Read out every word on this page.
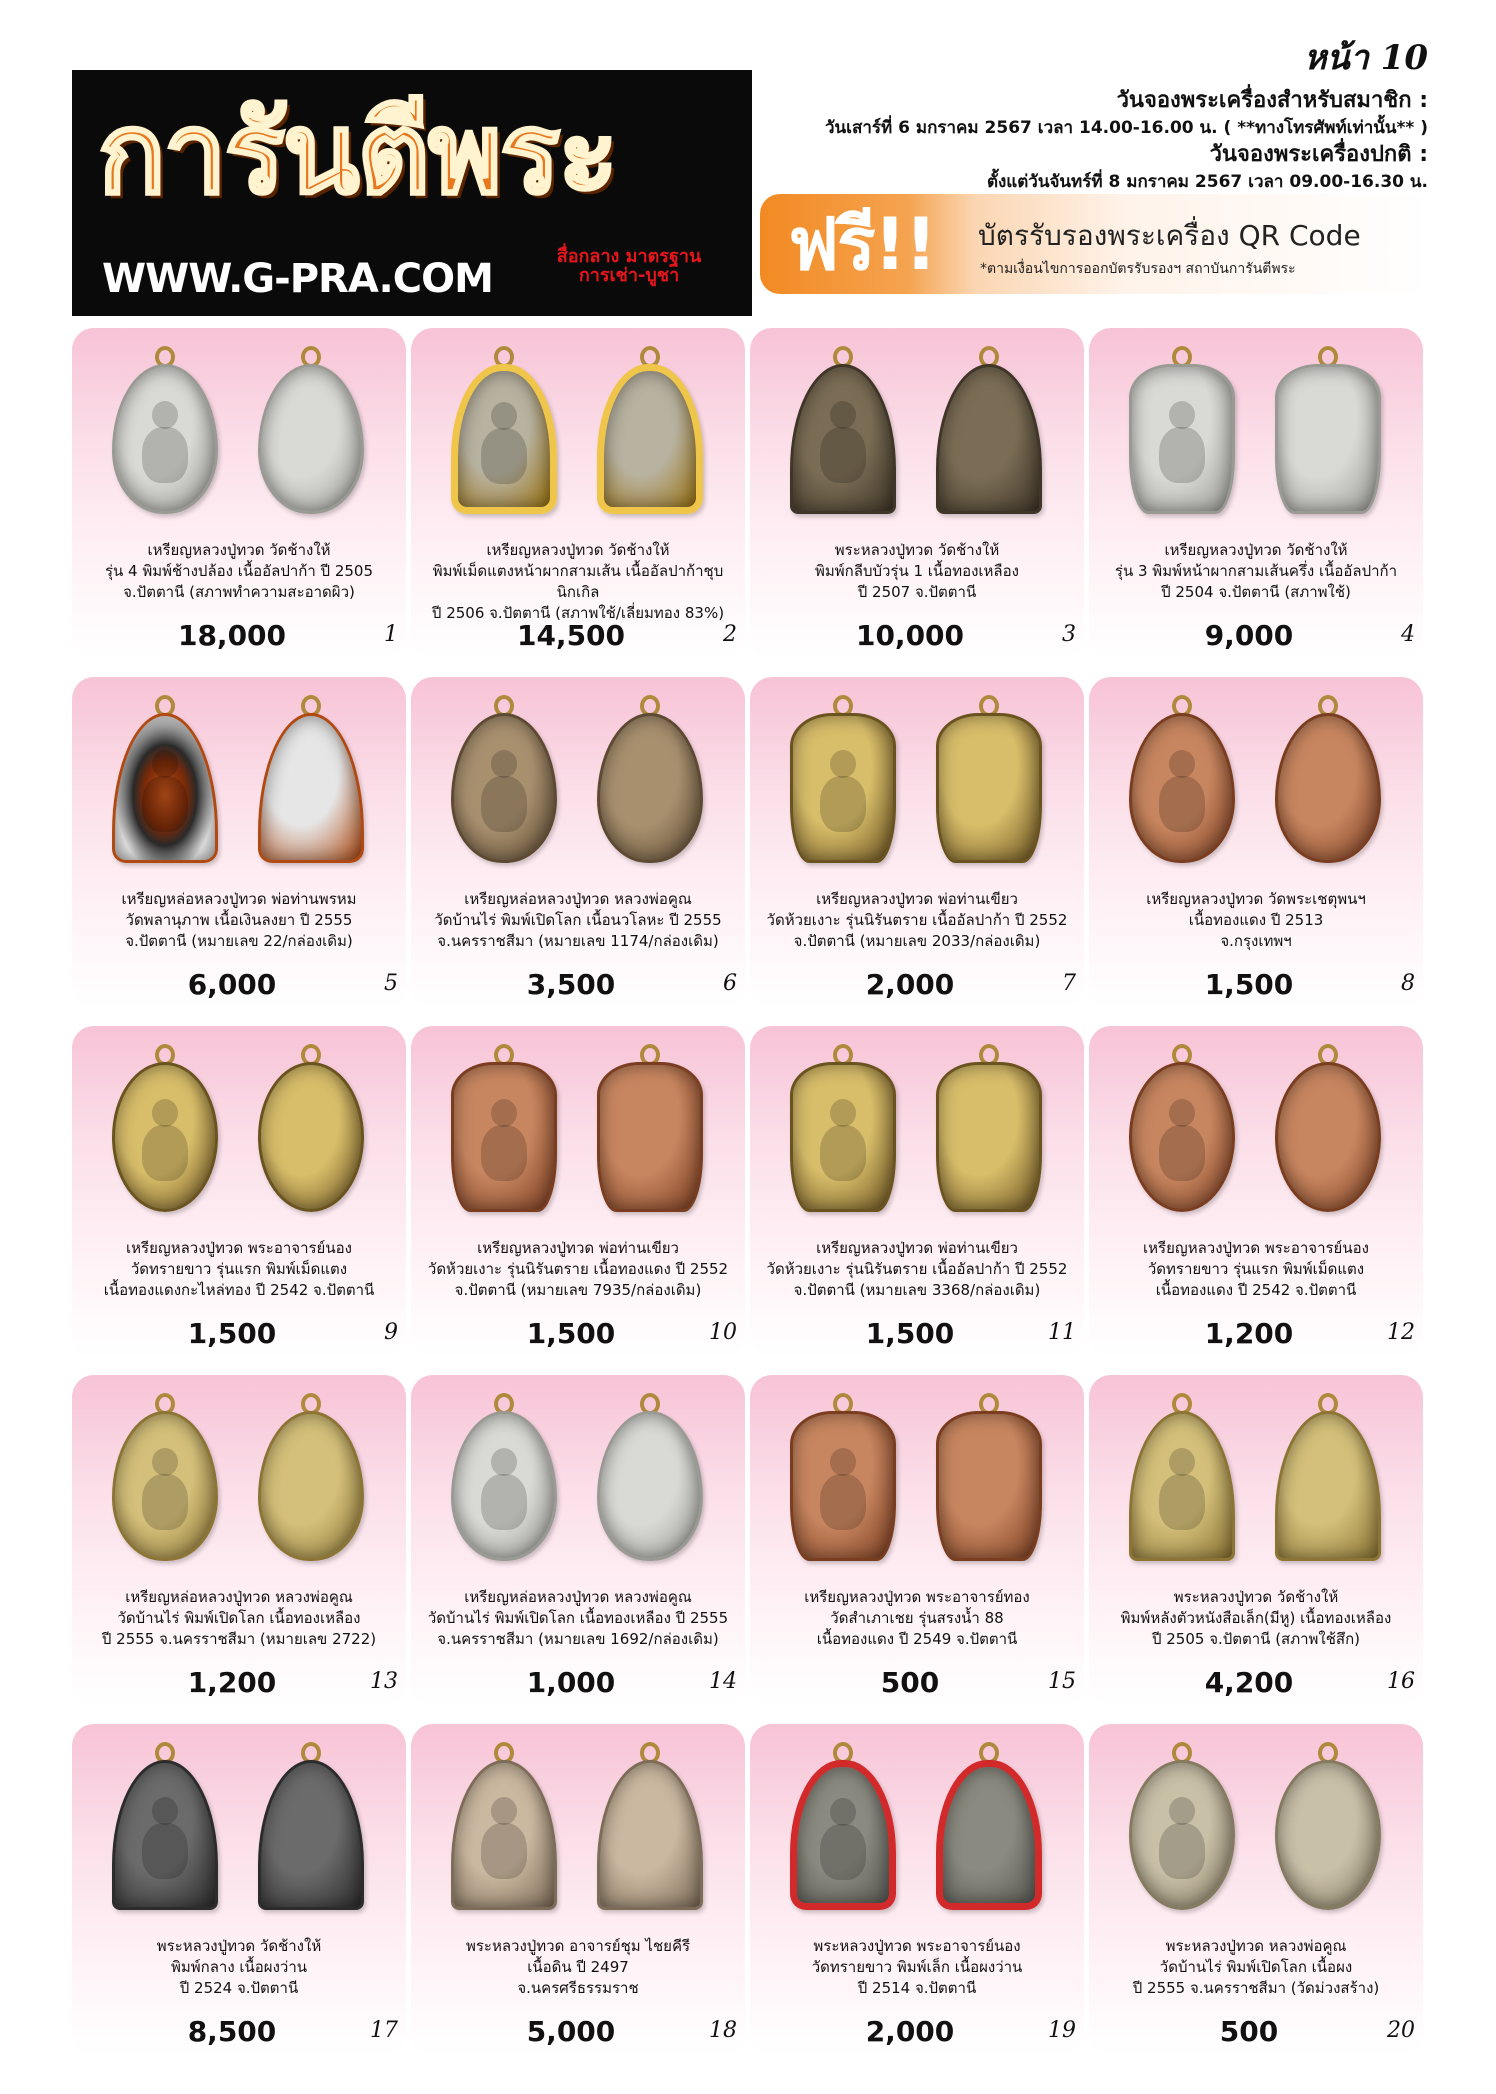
หน้า 10
การันตีพระ
WWW.G-PRA.COM	สื่อกลาง มาตรฐาน
การเช่า-บูชา
วันจองพระเครื่องสำหรับสมาชิก :
วันเสาร์ที่ 6 มกราคม 2567 เวลา 14.00-16.00 น. ( **ทางโทรศัพท์เท่านั้น** )
วันจองพระเครื่องปกติ :
ตั้งแต่วันจันทร์ที่ 8 มกราคม 2567 เวลา 09.00-16.30 น.
ฟรี!! บัตรรับรองพระเครื่อง QR Code
*ตามเงื่อนไขการออกบัตรรับรองฯ สถาบันการันตีพระ
เหรียญหลวงปู่ทวด วัดช้างให้
รุ่น 4 พิมพ์ช้างปล้อง เนื้ออัลปาก้า ปี 2505
จ.ปัตตานี (สภาพทำความสะอาดผิว)
18,000	1
เหรียญหลวงปู่ทวด วัดช้างให้
พิมพ์เม็ดแตงหน้าผากสามเส้น เนื้ออัลปาก้าชุบนิกเกิล
ปี 2506 จ.ปัตตานี (สภาพใช้/เลี่ยมทอง 83%)
14,500	2
พระหลวงปู่ทวด วัดช้างให้
พิมพ์กลีบบัวรุ่น 1 เนื้อทองเหลือง
ปี 2507 จ.ปัตตานี
10,000	3
เหรียญหลวงปู่ทวด วัดช้างให้
รุ่น 3 พิมพ์หน้าผากสามเส้นครึ่ง เนื้ออัลปาก้า
ปี 2504 จ.ปัตตานี (สภาพใช้)
9,000	4
เหรียญหล่อหลวงปู่ทวด พ่อท่านพรหม
วัดพลานุภาพ เนื้อเงินลงยา ปี 2555
จ.ปัตตานี (หมายเลข 22/กล่องเดิม)
6,000	5
เหรียญหล่อหลวงปู่ทวด หลวงพ่อคูณ
วัดบ้านไร่ พิมพ์เปิดโลก เนื้อนวโลหะ ปี 2555
จ.นครราชสีมา (หมายเลข 1174/กล่องเดิม)
3,500	6
เหรียญหลวงปู่ทวด พ่อท่านเขียว
วัดห้วยเงาะ รุ่นนิรันตราย เนื้ออัลปาก้า ปี 2552
จ.ปัตตานี (หมายเลข 2033/กล่องเดิม)
2,000	7
เหรียญหลวงปู่ทวด วัดพระเชตุพนฯ
เนื้อทองแดง ปี 2513
จ.กรุงเทพฯ
1,500	8
เหรียญหลวงปู่ทวด พระอาจารย์นอง
วัดทรายขาว รุ่นแรก พิมพ์เม็ดแตง
เนื้อทองแดงกะไหล่ทอง ปี 2542 จ.ปัตตานี
1,500	9
เหรียญหลวงปู่ทวด พ่อท่านเขียว
วัดห้วยเงาะ รุ่นนิรันตราย เนื้อทองแดง ปี 2552
จ.ปัตตานี (หมายเลข 7935/กล่องเดิม)
1,500	10
เหรียญหลวงปู่ทวด พ่อท่านเขียว
วัดห้วยเงาะ รุ่นนิรันตราย เนื้ออัลปาก้า ปี 2552
จ.ปัตตานี (หมายเลข 3368/กล่องเดิม)
1,500	11
เหรียญหลวงปู่ทวด พระอาจารย์นอง
วัดทรายขาว รุ่นแรก พิมพ์เม็ดแตง
เนื้อทองแดง ปี 2542 จ.ปัตตานี
1,200	12
เหรียญหล่อหลวงปู่ทวด หลวงพ่อคูณ
วัดบ้านไร่ พิมพ์เปิดโลก เนื้อทองเหลือง
ปี 2555 จ.นครราชสีมา (หมายเลข 2722)
1,200	13
เหรียญหล่อหลวงปู่ทวด หลวงพ่อคูณ
วัดบ้านไร่ พิมพ์เปิดโลก เนื้อทองเหลือง ปี 2555
จ.นครราชสีมา (หมายเลข 1692/กล่องเดิม)
1,000	14
เหรียญหลวงปู่ทวด พระอาจารย์ทอง
วัดสำเภาเชย รุ่นสรงน้ำ 88
เนื้อทองแดง ปี 2549 จ.ปัตตานี
500	15
พระหลวงปู่ทวด วัดช้างให้
พิมพ์หลังตัวหนังสือเล็ก(มีหู) เนื้อทองเหลือง
ปี 2505 จ.ปัตตานี (สภาพใช้สึก)
4,200	16
พระหลวงปู่ทวด วัดช้างให้
พิมพ์กลาง เนื้อผงว่าน
ปี 2524 จ.ปัตตานี
8,500	17
พระหลวงปู่ทวด อาจารย์ชุม ไชยคีรี
เนื้อดิน ปี 2497
จ.นครศรีธรรมราช
5,000	18
พระหลวงปู่ทวด พระอาจารย์นอง
วัดทรายขาว พิมพ์เล็ก เนื้อผงว่าน
ปี 2514 จ.ปัตตานี
2,000	19
พระหลวงปู่ทวด หลวงพ่อคูณ
วัดบ้านไร่ พิมพ์เปิดโลก เนื้อผง
ปี 2555 จ.นครราชสีมา (วัดม่วงสร้าง)
500	20
